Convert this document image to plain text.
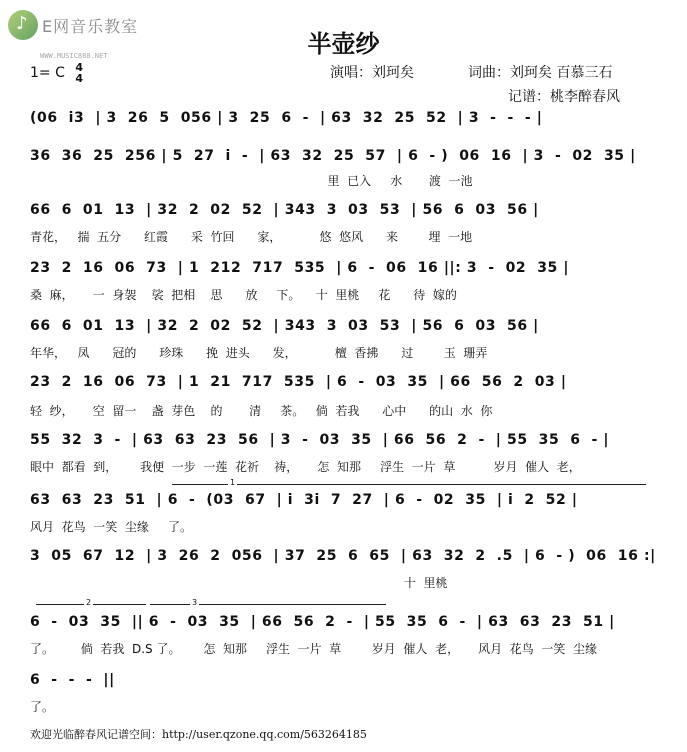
♪
E网音乐教室
WWW.MUSIC888.NET	半壶纱
1= C 4
4	演唱：刘珂矣	词曲：刘珂矣 百慕三石
记谱：桃李醉春风
(06  i3  | 3  26  5  056 | 3  25  6  -  | 63  32  25  52  | 3  -  -  - |
36  36  25  256 | 5  27  i  -  | 63  32  25  57  | 6  - )  06  16  | 3  -  02  35 |
里  已入     水       渡  一池
66  6  01  13  | 32  2  02  52  | 343  3  03  53  | 56  6  03  56 |
青花，   揣  五分      红霞      采  竹回      家，          悠  悠风      来        埋  一地
23  2  16  06  73  | 1  212  717  535  | 6  -  06  16 ||: 3  -  02  35 |
桑  麻，     一  身袈    裟  把相    思      放     下。    十  里桃     花      待  嫁的
66  6  01  13  | 32  2  02  52  | 343  3  03  53  | 56  6  03  56 |
年华，   凤      冠的      珍珠      挽  进头      发，          檀  香拂      过        玉  珊弄
23  2  16  06  73  | 1  21  717  535  | 6  -  03  35  | 66  56  2  03 |
轻  纱，     空  留一    盏  芽色    的       清     茶。   倘  若我      心中      的山  水  你
55  32  3  -  | 63  63  23  56  | 3  -  03  35  | 66  56  2  -  | 55  35  6  - |
眼中  都看  到，      我便  一步  一莲  花祈    祷，     怎  知那     浮生  一片  草          岁月  催人  老，
1
63  63  23  51  | 6  -  (03  67  | i  3i  7  27  | 6  -  02  35  | i  2  52 |
风月  花鸟  一笑  尘缘     了。
3  05  67  12  | 3  26  2  056  | 37  25  6  65  | 63  32  2  .5  | 6  - )  06  16 :|
十  里桃
2	3
6  -  03  35  || 6  -  03  35  | 66  56  2  -  | 55  35  6  -  | 63  63  23  51 |
了。       倘  若我  D.S 了。      怎  知那     浮生  一片  草        岁月  催人  老，     风月  花鸟  一笑  尘缘
6  -  -  -  ||
了。
欢迎光临醉春风记谱空间：http://user.qzone.qq.com/563264185
